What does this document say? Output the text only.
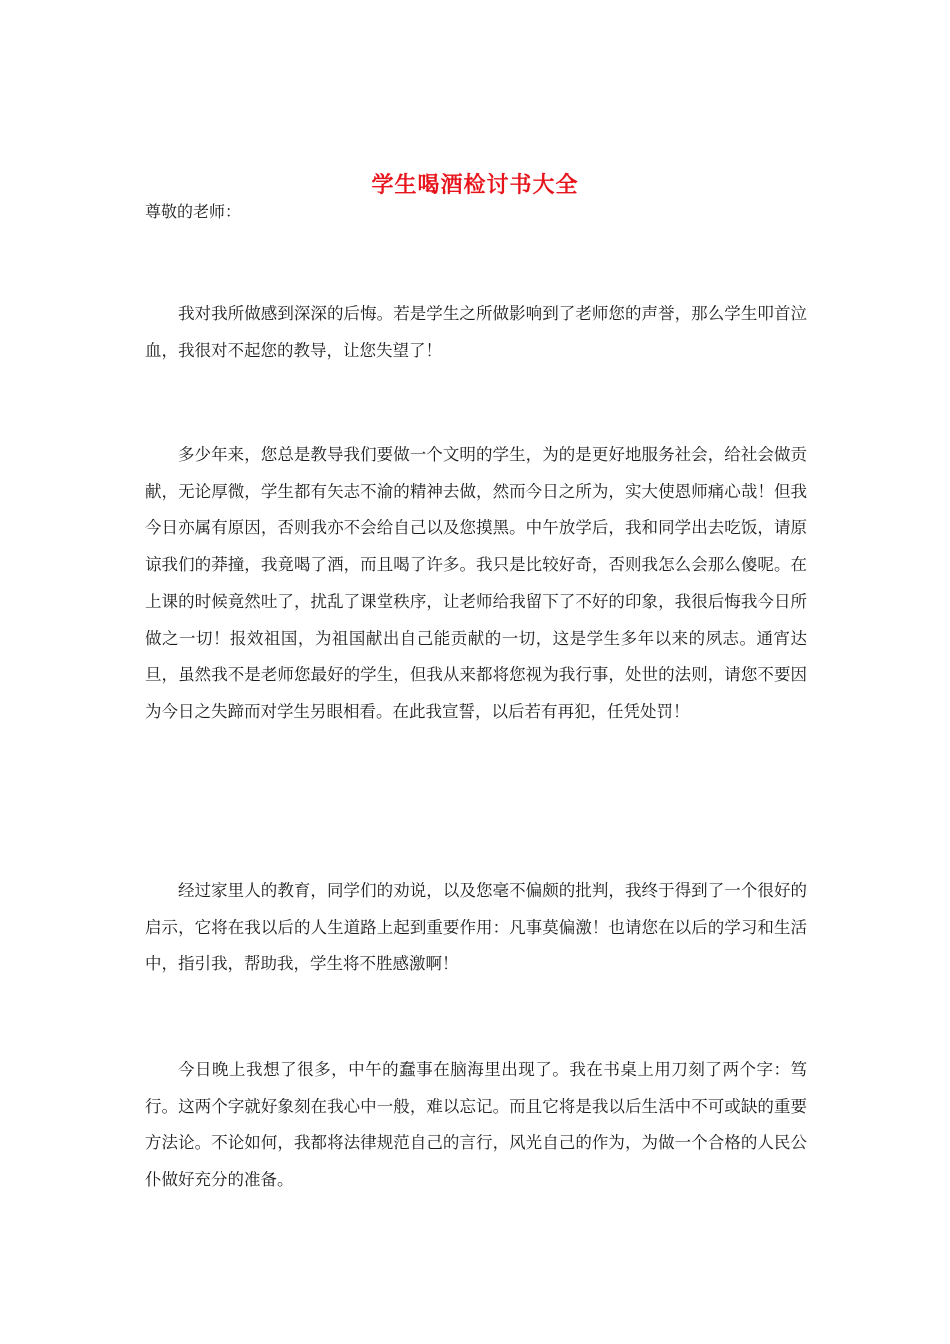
学生喝酒检讨书大全
尊敬的老师：

我对我所做感到深深的后悔。若是学生之所做影响到了老师您的声誉，那么学生叩首泣血，我很对不起您的教导，让您失望了！

多少年来，您总是教导我们要做一个文明的学生，为的是更好地服务社会，给社会做贡献，无论厚微，学生都有矢志不渝的精神去做，然而今日之所为，实大使恩师痛心哉！但我今日亦属有原因，否则我亦不会给自己以及您摸黑。中午放学后，我和同学出去吃饭，请原谅我们的莽撞，我竟喝了酒，而且喝了许多。我只是比较好奇，否则我怎么会那么傻呢。在上课的时候竟然吐了，扰乱了课堂秩序，让老师给我留下了不好的印象，我很后悔我今日所做之一切！报效祖国，为祖国献出自己能贡献的一切，这是学生多年以来的夙志。通宵达旦，虽然我不是老师您最好的学生，但我从来都将您视为我行事，处世的法则，请您不要因为今日之失蹄而对学生另眼相看。在此我宣誓，以后若有再犯，任凭处罚！

经过家里人的教育，同学们的劝说，以及您毫不偏颇的批判，我终于得到了一个很好的启示，它将在我以后的人生道路上起到重要作用：凡事莫偏激！也请您在以后的学习和生活中，指引我，帮助我，学生将不胜感激啊！

今日晚上我想了很多，中午的蠢事在脑海里出现了。我在书桌上用刀刻了两个字：笃行。这两个字就好象刻在我心中一般，难以忘记。而且它将是我以后生活中不可或缺的重要方法论。不论如何，我都将法律规范自己的言行，风光自己的作为，为做一个合格的人民公仆做好充分的准备。
